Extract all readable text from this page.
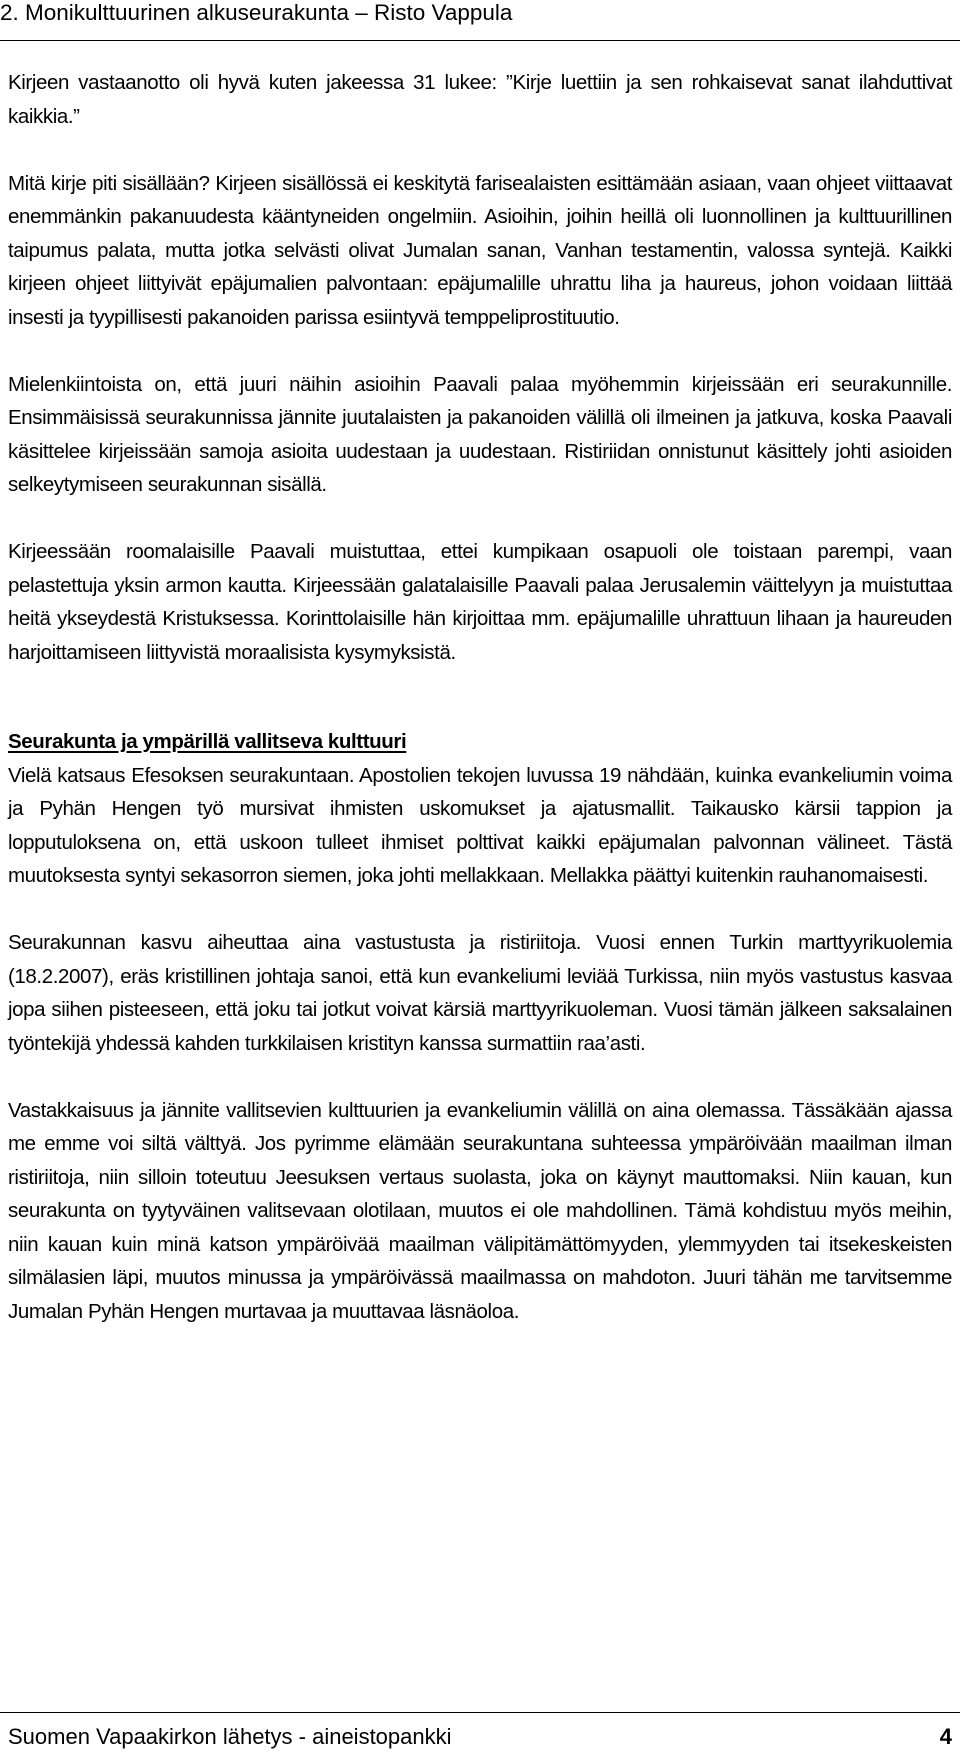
2. Monikulttuurinen alkuseurakunta – Risto Vappula

Kirjeen vastaanotto oli hyvä kuten jakeessa 31 lukee: ”Kirje luettiin ja sen rohkaisevat sanat ilahduttivat kaikkia.”

Mitä kirje piti sisällään? Kirjeen sisällössä ei keskitytä farisealaisten esittämään asiaan, vaan ohjeet viittaavat enemmänkin pakanuudesta kääntyneiden ongelmiin. Asioihin, joihin heillä oli luonnollinen ja kulttuurillinen taipumus palata, mutta jotka selvästi olivat Jumalan sanan, Vanhan testamentin, valossa syntejä. Kaikki kirjeen ohjeet liittyivät epäjumalien palvontaan: epäjumalille uhrattu liha ja haureus, johon voidaan liittää insesti ja tyypillisesti pakanoiden parissa esiintyvä temppeliprostituutio.

Mielenkiintoista on, että juuri näihin asioihin Paavali palaa myöhemmin kirjeissään eri seurakunnille. Ensimmäisissä seurakunnissa jännite juutalaisten ja pakanoiden välillä oli ilmeinen ja jatkuva, koska Paavali käsittelee kirjeissään samoja asioita uudestaan ja uudestaan. Ristiriidan onnistunut käsittely johti asioiden selkeytymiseen seurakunnan sisällä.

Kirjeessään roomalaisille Paavali muistuttaa, ettei kumpikaan osapuoli ole toistaan parempi, vaan pelastettuja yksin armon kautta. Kirjeessään galatalaisille Paavali palaa Jerusalemin väittelyyn ja muistuttaa heitä ykseydestä Kristuksessa. Korinttolaisille hän kirjoittaa mm. epäjumalille uhrattuun lihaan ja haureuden harjoittamiseen liittyvistä moraalisista kysymyksistä.

Seurakunta ja ympärillä vallitseva kulttuuri

Vielä katsaus Efesoksen seurakuntaan. Apostolien tekojen luvussa 19 nähdään, kuinka evankeliumin voima ja Pyhän Hengen työ mursivat ihmisten uskomukset ja ajatusmallit. Taikausko kärsii tappion ja lopputuloksena on, että uskoon tulleet ihmiset polttivat kaikki epäjumalan palvonnan välineet. Tästä muutoksesta syntyi sekasorron siemen, joka johti mellakkaan. Mellakka päättyi kuitenkin rauhanomaisesti.

Seurakunnan kasvu aiheuttaa aina vastustusta ja ristiriitoja. Vuosi ennen Turkin marttyyrikuolemia (18.2.2007), eräs kristillinen johtaja sanoi, että kun evankeliumi leviää Turkissa, niin myös vastustus kasvaa jopa siihen pisteeseen, että joku tai jotkut voivat kärsiä marttyyrikuoleman. Vuosi tämän jälkeen saksalainen työntekijä yhdessä kahden turkkilaisen kristityn kanssa surmattiin raa’asti.

Vastakkaisuus ja jännite vallitsevien kulttuurien ja evankeliumin välillä on aina olemassa. Tässäkään ajassa me emme voi siltä välttyä. Jos pyrimme elämään seurakuntana suhteessa ympäröivään maailman ilman ristiriitoja, niin silloin toteutuu Jeesuksen vertaus suolasta, joka on käynyt mauttomaksi. Niin kauan, kun seurakunta on tyytyväinen valitsevaan olotilaan, muutos ei ole mahdollinen. Tämä kohdistuu myös meihin, niin kauan kuin minä katson ympäröivää maailman välipitämättömyyden, ylemmyyden tai itsekeskeisten silmälasien läpi, muutos minussa ja ympäröivässä maailmassa on mahdoton. Juuri tähän me tarvitsemme Jumalan Pyhän Hengen murtavaa ja muuttavaa läsnäoloa.

Suomen Vapaakirkon lähetys - aineistopankki	4
